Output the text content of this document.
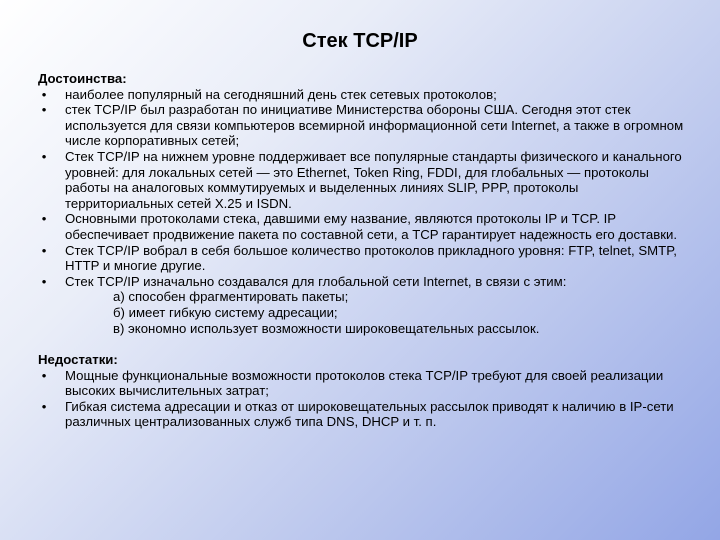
Стек TCP/IP

Достоинства:

• наиболее популярный на сегодняшний день стек сетевых протоколов;
• стек TCP/IP был разработан по инициативе Министерства обороны США. Сегодня этот стек используется для связи компьютеров всемирной информационной сети Internet, а также в огромном числе корпоративных сетей;
• Стек TCP/IP на нижнем уровне поддерживает все популярные стандарты физического и канального уровней: для локальных сетей — это Ethernet, Token Ring, FDDI, для глобальных — протоколы работы на аналоговых коммутируемых и выделенных линиях SLIP, PPP, протоколы территориальных сетей X.25 и ISDN.
• Основными протоколами стека, давшими ему название, являются протоколы IP и TCP. IP обеспечивает продвижение пакета по составной сети, а TCP гарантирует надежность его доставки.
• Стек TCP/IP вобрал в себя большое количество протоколов прикладного уровня: FTP, telnet, SMTP, HTTP и многие другие.
• Стек TCP/IP изначально создавался для глобальной сети Internet, в связи с этим:
а) способен фрагментировать пакеты;
б) имеет гибкую систему адресации;
в) экономно использует возможности широковещательных рассылок.

Недостатки:

• Мощные функциональные возможности протоколов стека TCP/IP требуют для своей реализации высоких вычислительных затрат;
• Гибкая система адресации и отказ от широковещательных рассылок приводят к наличию в IP-сети различных централизованных служб типа DNS, DHCP и т. п.
